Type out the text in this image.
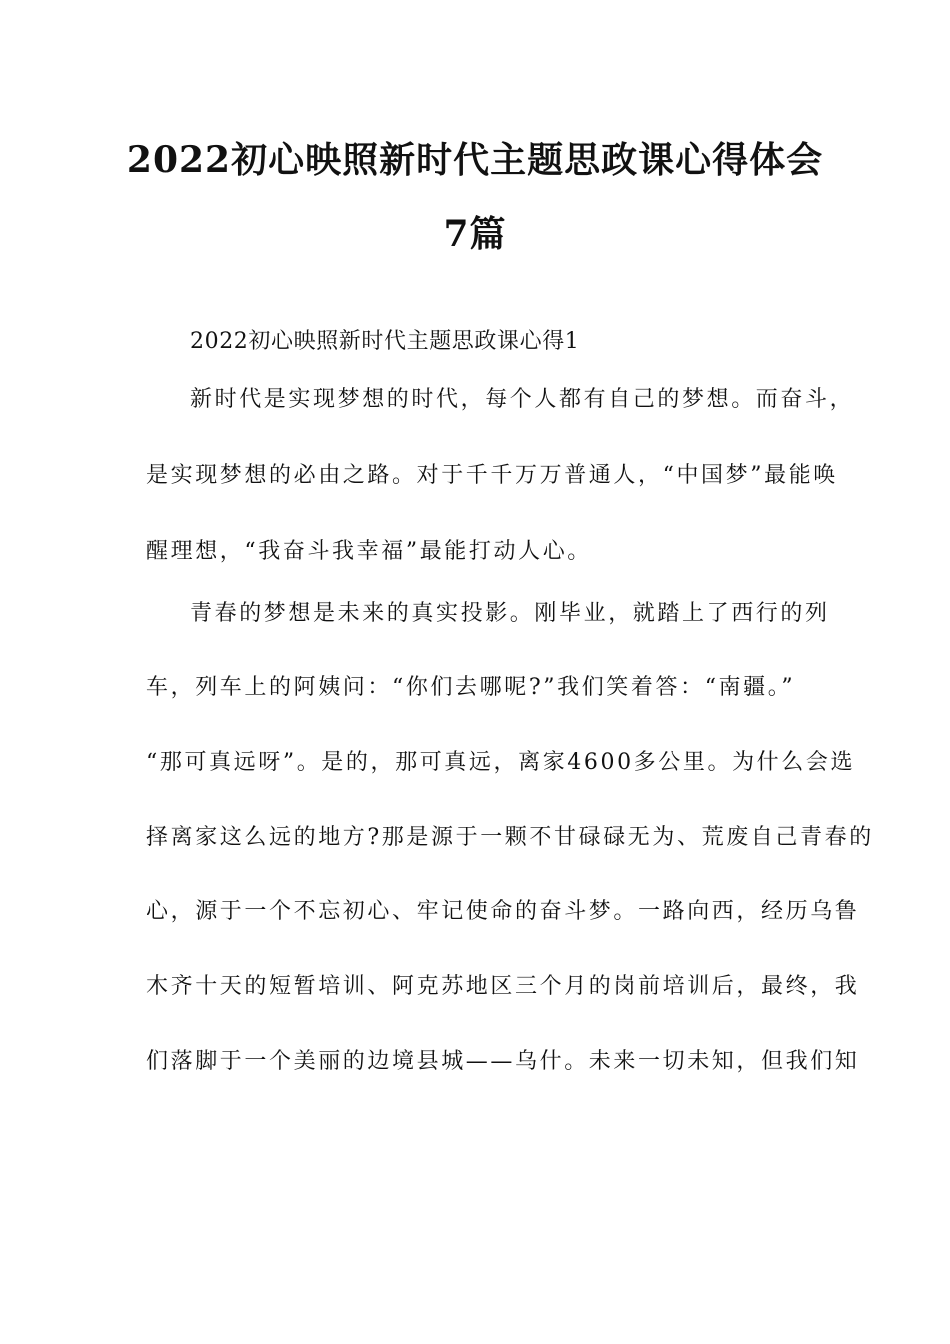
2022初心映照新时代主题思政课心得体会
7篇
2022初心映照新时代主题思政课心得1
新时代是实现梦想的时代，每个人都有自己的梦想。而奋斗，
是实现梦想的必由之路。对于千千万万普通人，“中国梦”最能唤
醒理想，“我奋斗我幸福”最能打动人心。
青春的梦想是未来的真实投影。刚毕业，就踏上了西行的列
车，列车上的阿姨问：“你们去哪呢?”我们笑着答：“南疆。”
“那可真远呀”。是的，那可真远，离家4600多公里。为什么会选
择离家这么远的地方?那是源于一颗不甘碌碌无为、荒废自己青春的
心，源于一个不忘初心、牢记使命的奋斗梦。一路向西，经历乌鲁
木齐十天的短暂培训、阿克苏地区三个月的岗前培训后，最终，我
们落脚于一个美丽的边境县城——乌什。未来一切未知，但我们知
